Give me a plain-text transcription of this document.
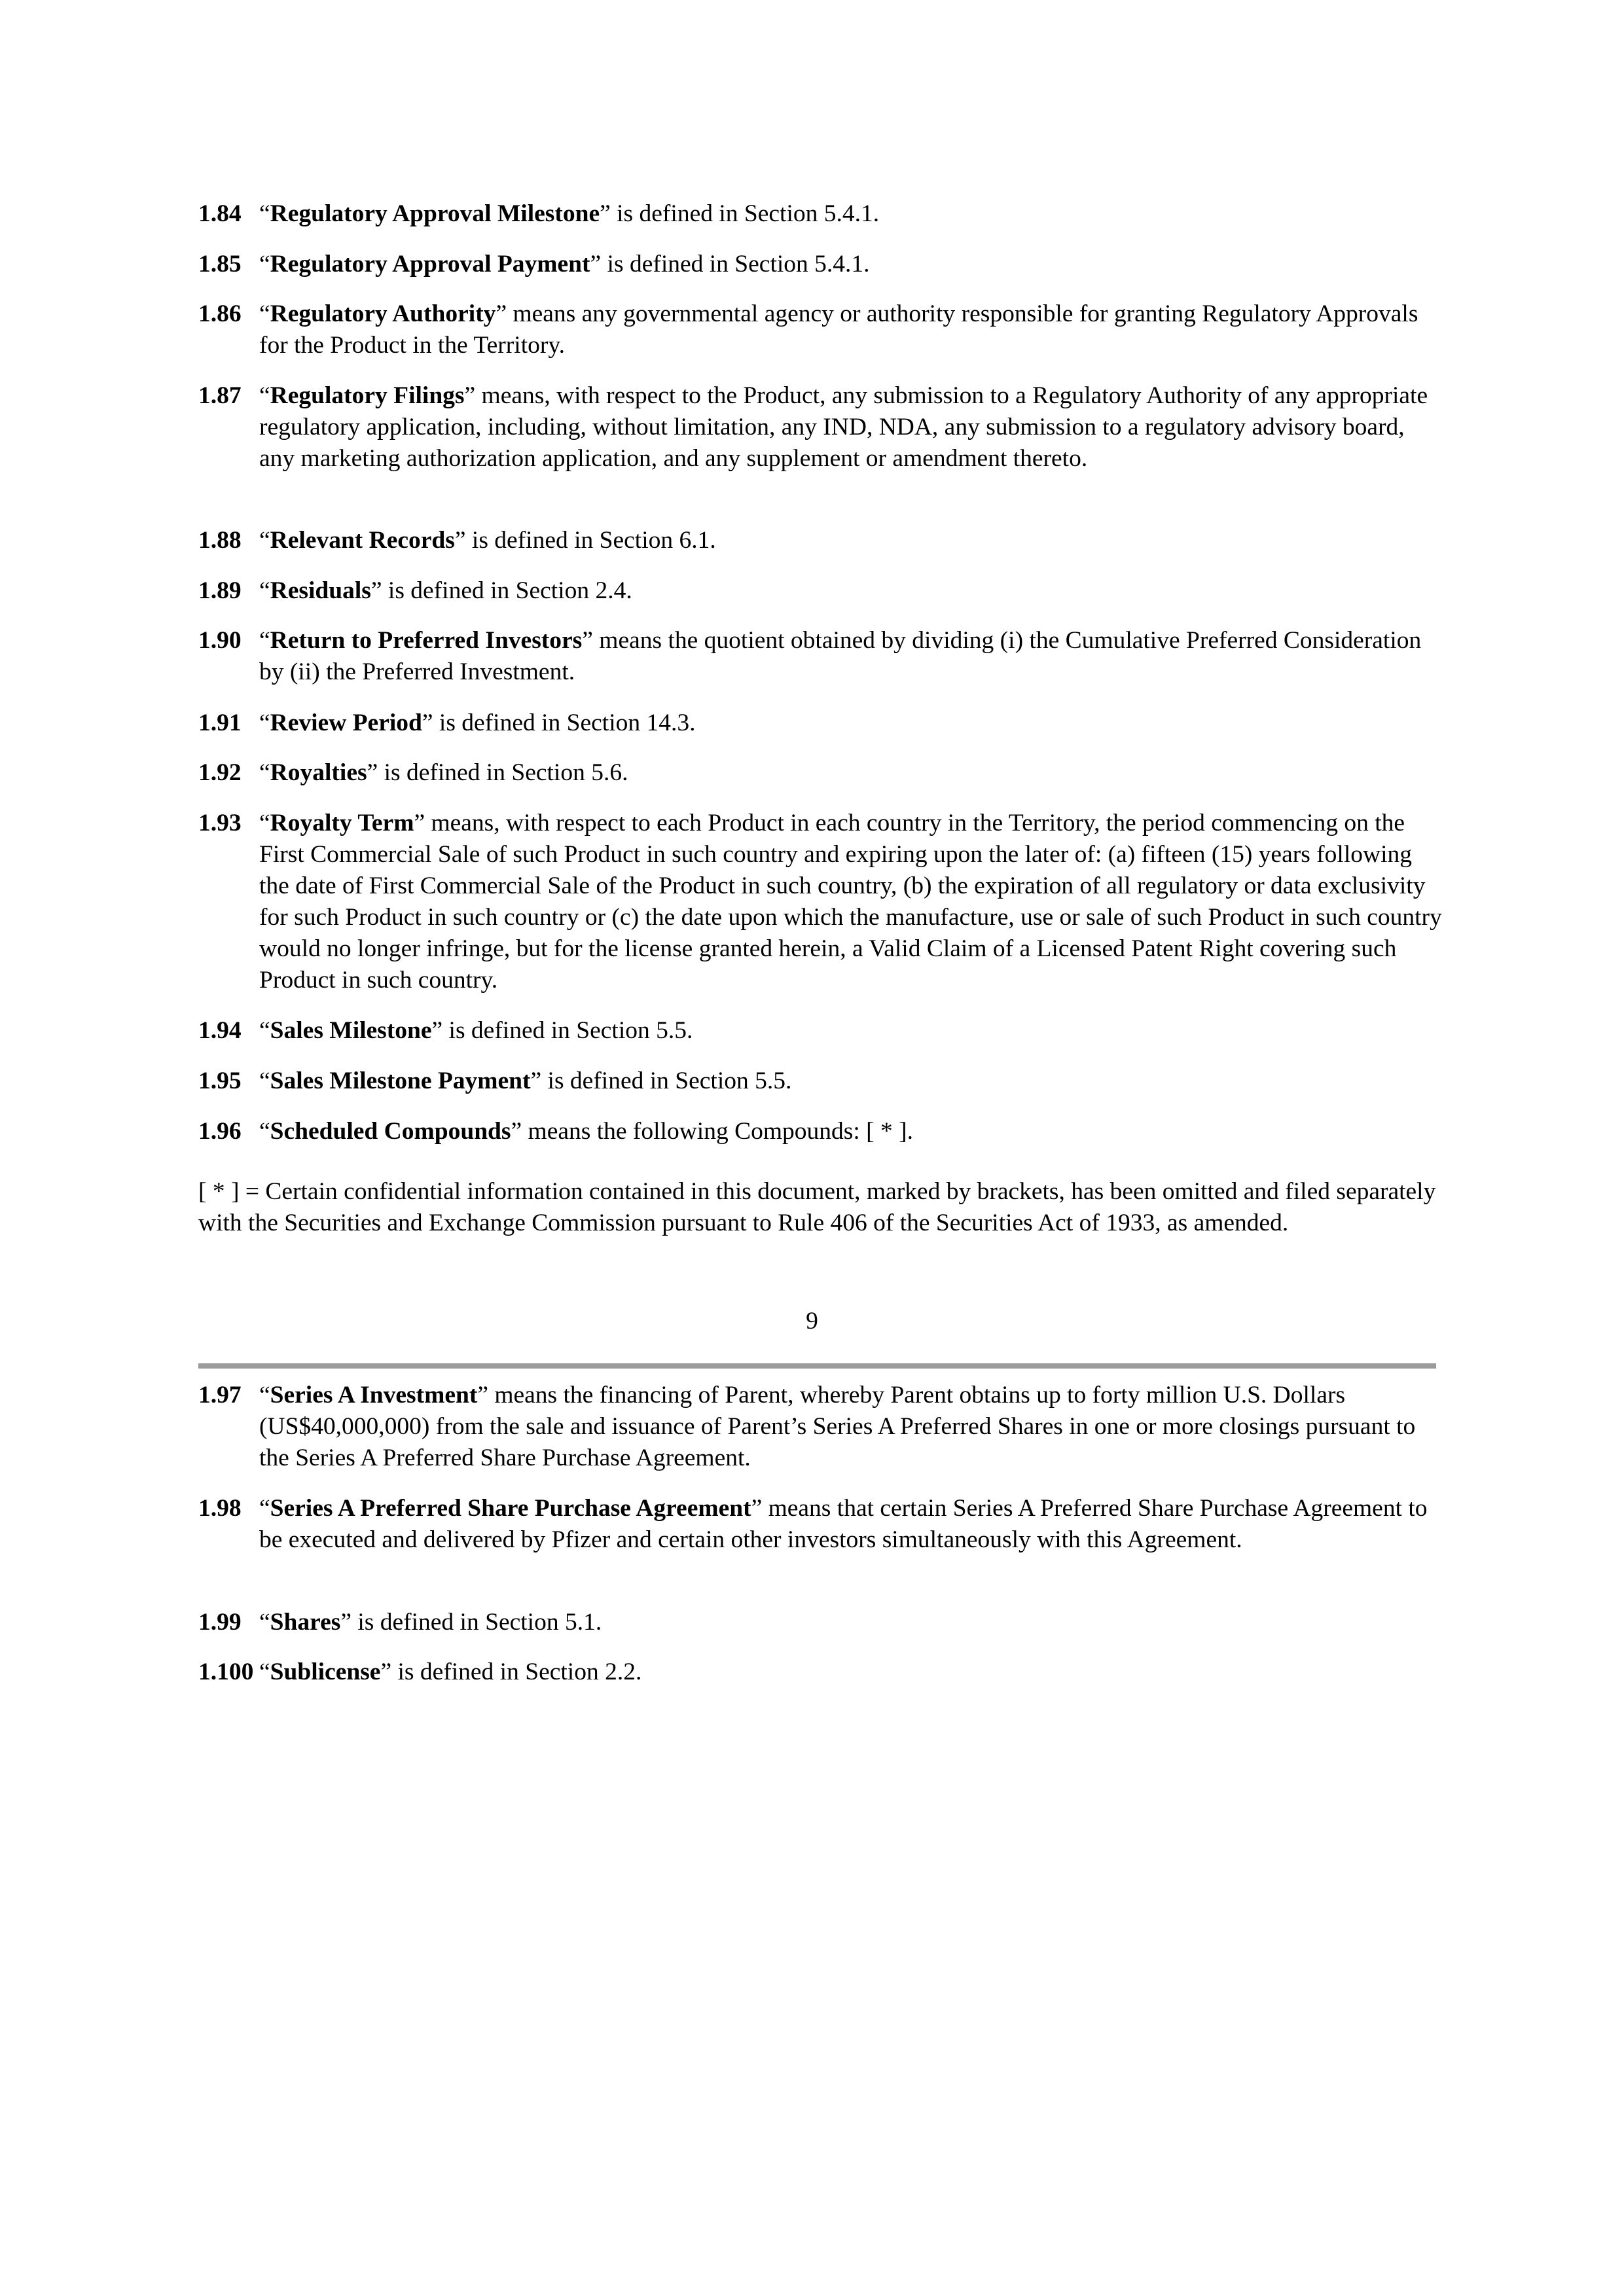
1.84 “Regulatory Approval Milestone” is defined in Section 5.4.1.
1.85 “Regulatory Approval Payment” is defined in Section 5.4.1.
1.86 “Regulatory Authority” means any governmental agency or authority responsible for granting Regulatory Approvals for the Product in the Territory.
1.87 “Regulatory Filings” means, with respect to the Product, any submission to a Regulatory Authority of any appropriate regulatory application, including, without limitation, any IND, NDA, any submission to a regulatory advisory board, any marketing authorization application, and any supplement or amendment thereto.
1.88 “Relevant Records” is defined in Section 6.1.
1.89 “Residuals” is defined in Section 2.4.
1.90 “Return to Preferred Investors” means the quotient obtained by dividing (i) the Cumulative Preferred Consideration by (ii) the Preferred Investment.
1.91 “Review Period” is defined in Section 14.3.
1.92 “Royalties” is defined in Section 5.6.
1.93 “Royalty Term” means, with respect to each Product in each country in the Territory, the period commencing on the First Commercial Sale of such Product in such country and expiring upon the later of: (a) fifteen (15) years following the date of First Commercial Sale of the Product in such country, (b) the expiration of all regulatory or data exclusivity for such Product in such country or (c) the date upon which the manufacture, use or sale of such Product in such country would no longer infringe, but for the license granted herein, a Valid Claim of a Licensed Patent Right covering such Product in such country.
1.94 “Sales Milestone” is defined in Section 5.5.
1.95 “Sales Milestone Payment” is defined in Section 5.5.
1.96 “Scheduled Compounds” means the following Compounds: [ * ].
[ * ] = Certain confidential information contained in this document, marked by brackets, has been omitted and filed separately with the Securities and Exchange Commission pursuant to Rule 406 of the Securities Act of 1933, as amended.
9
1.97 “Series A Investment” means the financing of Parent, whereby Parent obtains up to forty million U.S. Dollars (US$40,000,000) from the sale and issuance of Parent’s Series A Preferred Shares in one or more closings pursuant to the Series A Preferred Share Purchase Agreement.
1.98 “Series A Preferred Share Purchase Agreement” means that certain Series A Preferred Share Purchase Agreement to be executed and delivered by Pfizer and certain other investors simultaneously with this Agreement.
1.99 “Shares” is defined in Section 5.1.
1.100 “Sublicense” is defined in Section 2.2.
